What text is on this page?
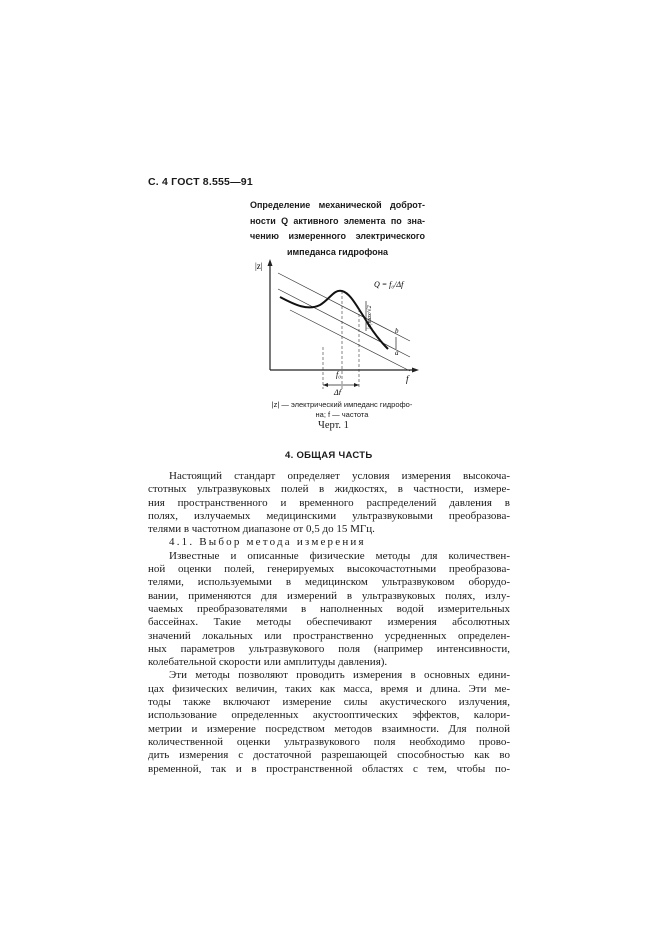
С. 4 ГОСТ 8.555—91
Определение механической доброт-
ности Q активного элемента по зна-
чению измеренного электрического
импеданса гидрофона
|z|
f
f₀
Δf
Q = f₀/Δf
|z|max/√2
b
a
|z| — электрический импеданс гидрофо-
на; f — частота
Черт. 1
4. ОБЩАЯ ЧАСТЬ

Настоящий стандарт определяет условия измерения высокоча-
стотных ультразвуковых полей в жидкостях, в частности, измере-
ния пространственного и временного распределений давления в
полях, излучаемых медицинскими ультразвуковыми преобразова-
телями в частотном диапазоне от 0,5 до 15 МГц.

4.1. Выбор метода измерения

Известные и описанные физические методы для количествен-
ной оценки полей, генерируемых высокочастотными преобразова-
телями, используемыми в медицинском ультразвуковом оборудо-
вании, применяются для измерений в ультразвуковых полях, излу-
чаемых преобразователями в наполненных водой измерительных
бассейнах. Такие методы обеспечивают измерения абсолютных
значений локальных или пространственно усредненных определен-
ных параметров ультразвукового поля (например интенсивности,
колебательной скорости или амплитуды давления).

Эти методы позволяют проводить измерения в основных едини-
цах физических величин, таких как масса, время и длина. Эти ме-
тоды также включают измерение силы акустического излучения,
использование определенных акустооптических эффектов, калори-
метрии и измерение посредством методов взаимности. Для полной
количественной оценки ультразвукового поля необходимо прово-
дить измерения с достаточной разрешающей способностью как во
временной, так и в пространственной областях с тем, чтобы по-
